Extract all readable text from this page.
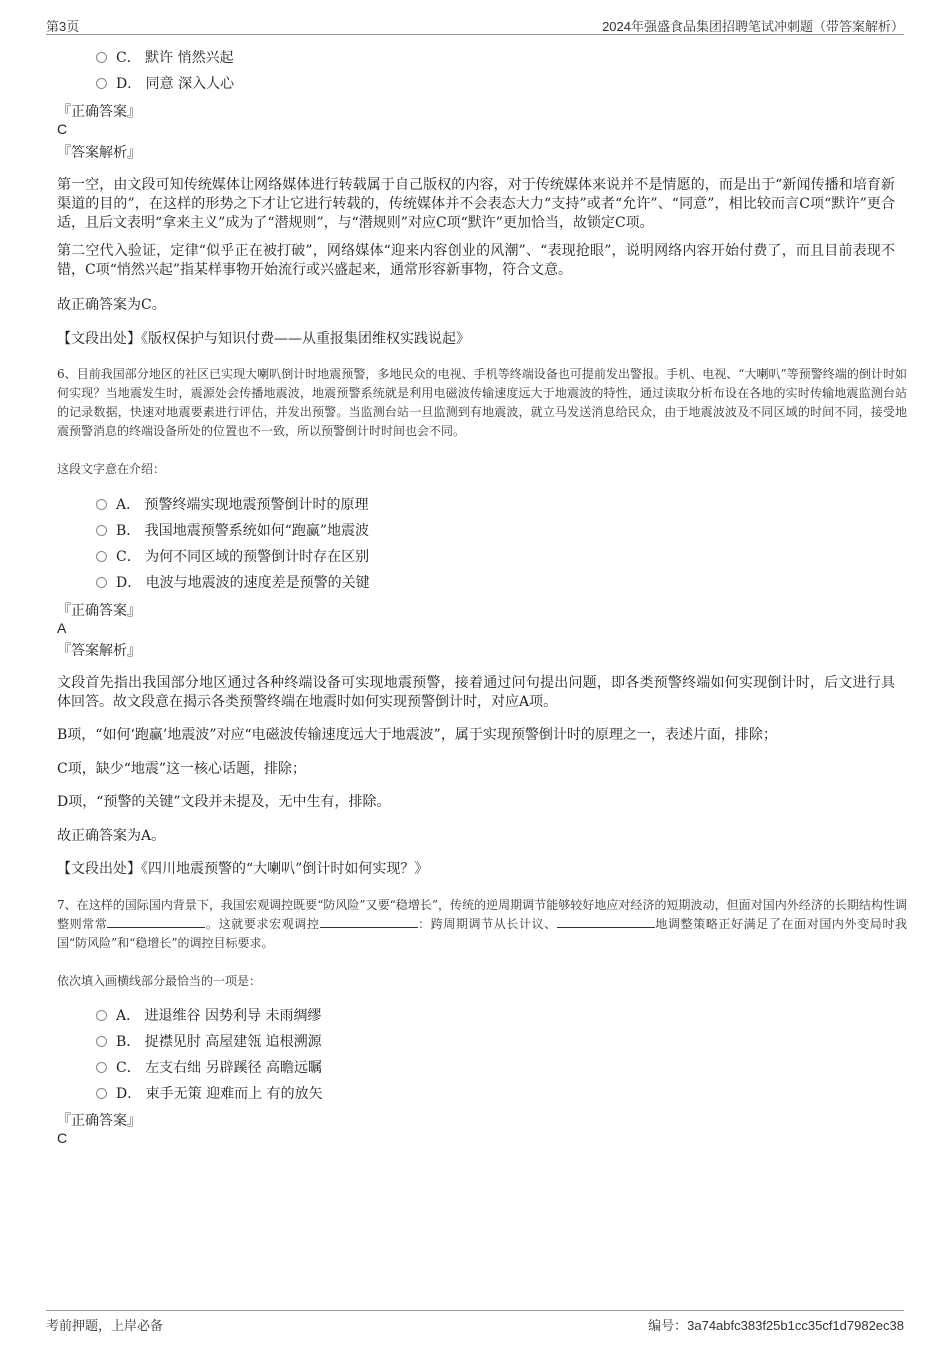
第3页	2024年强盛食品集团招聘笔试冲刺题（带答案解析）
C． 默许 悄然兴起
D． 同意 深入人心
『正确答案』
C
『答案解析』
第一空，由文段可知传统媒体让网络媒体进行转载属于自己版权的内容，对于传统媒体来说并不是情愿的，而是出于“新闻传播和培育新渠道的目的”，在这样的形势之下才让它进行转载的，传统媒体并不会表态大力“支持”或者“允许”、“同意”，相比较而言C项“默许”更合适，且后文表明“拿来主义”成为了“潜规则”，与“潜规则”对应C项“默许”更加恰当，故锁定C项。
第二空代入验证，定律“似乎正在被打破”，网络媒体“迎来内容创业的风潮”、“表现抢眼”，说明网络内容开始付费了，而且目前表现不错，C项“悄然兴起”指某样事物开始流行或兴盛起来，通常形容新事物，符合文意。
故正确答案为C。
【文段出处】《版权保护与知识付费——从重报集团维权实践说起》
6、目前我国部分地区的社区已实现大喇叭倒计时地震预警，多地民众的电视、手机等终端设备也可提前发出警报。手机、电视、“大喇叭”等预警终端的倒计时如何实现？当地震发生时，震源处会传播地震波，地震预警系统就是利用电磁波传输速度远大于地震波的特性，通过读取分析布设在各地的实时传输地震监测台站的记录数据，快速对地震要素进行评估，并发出预警。当监测台站一旦监测到有地震波，就立马发送消息给民众，由于地震波波及不同区域的时间不同，接受地震预警消息的终端设备所处的位置也不一致，所以预警倒计时时间也会不同。
这段文字意在介绍：
A． 预警终端实现地震预警倒计时的原理
B． 我国地震预警系统如何“跑赢”地震波
C． 为何不同区域的预警倒计时存在区别
D． 电波与地震波的速度差是预警的关键
『正确答案』
A
『答案解析』
文段首先指出我国部分地区通过各种终端设备可实现地震预警，接着通过问句提出问题，即各类预警终端如何实现倒计时，后文进行具体回答。故文段意在揭示各类预警终端在地震时如何实现预警倒计时，对应A项。
B项，“如何‘跑赢’地震波”对应“电磁波传输速度远大于地震波”，属于实现预警倒计时的原理之一，表述片面，排除；
C项，缺少“地震”这一核心话题，排除；
D项，“预警的关键”文段并未提及，无中生有，排除。
故正确答案为A。
【文段出处】《四川地震预警的“大喇叭”倒计时如何实现？》
7、在这样的国际国内背景下，我国宏观调控既要“防风险”又要“稳增长”，传统的逆周期调节能够较好地应对经济的短期波动，但面对国内外经济的长期结构性调整则常常	。这就要求宏观调控	：跨周期调节从长计议、	地调整策略正好满足了在面对国内外变局时我国“防风险”和“稳增长”的调控目标要求。
依次填入画横线部分最恰当的一项是：
A． 进退维谷 因势利导 未雨绸缪
B． 捉襟见肘 高屋建瓴 追根溯源
C． 左支右绌 另辟蹊径 高瞻远瞩
D． 束手无策 迎难而上 有的放矢
『正确答案』
C
考前押题，上岸必备	编号：3a74abfc383f25b1cc35cf1d7982ec38
